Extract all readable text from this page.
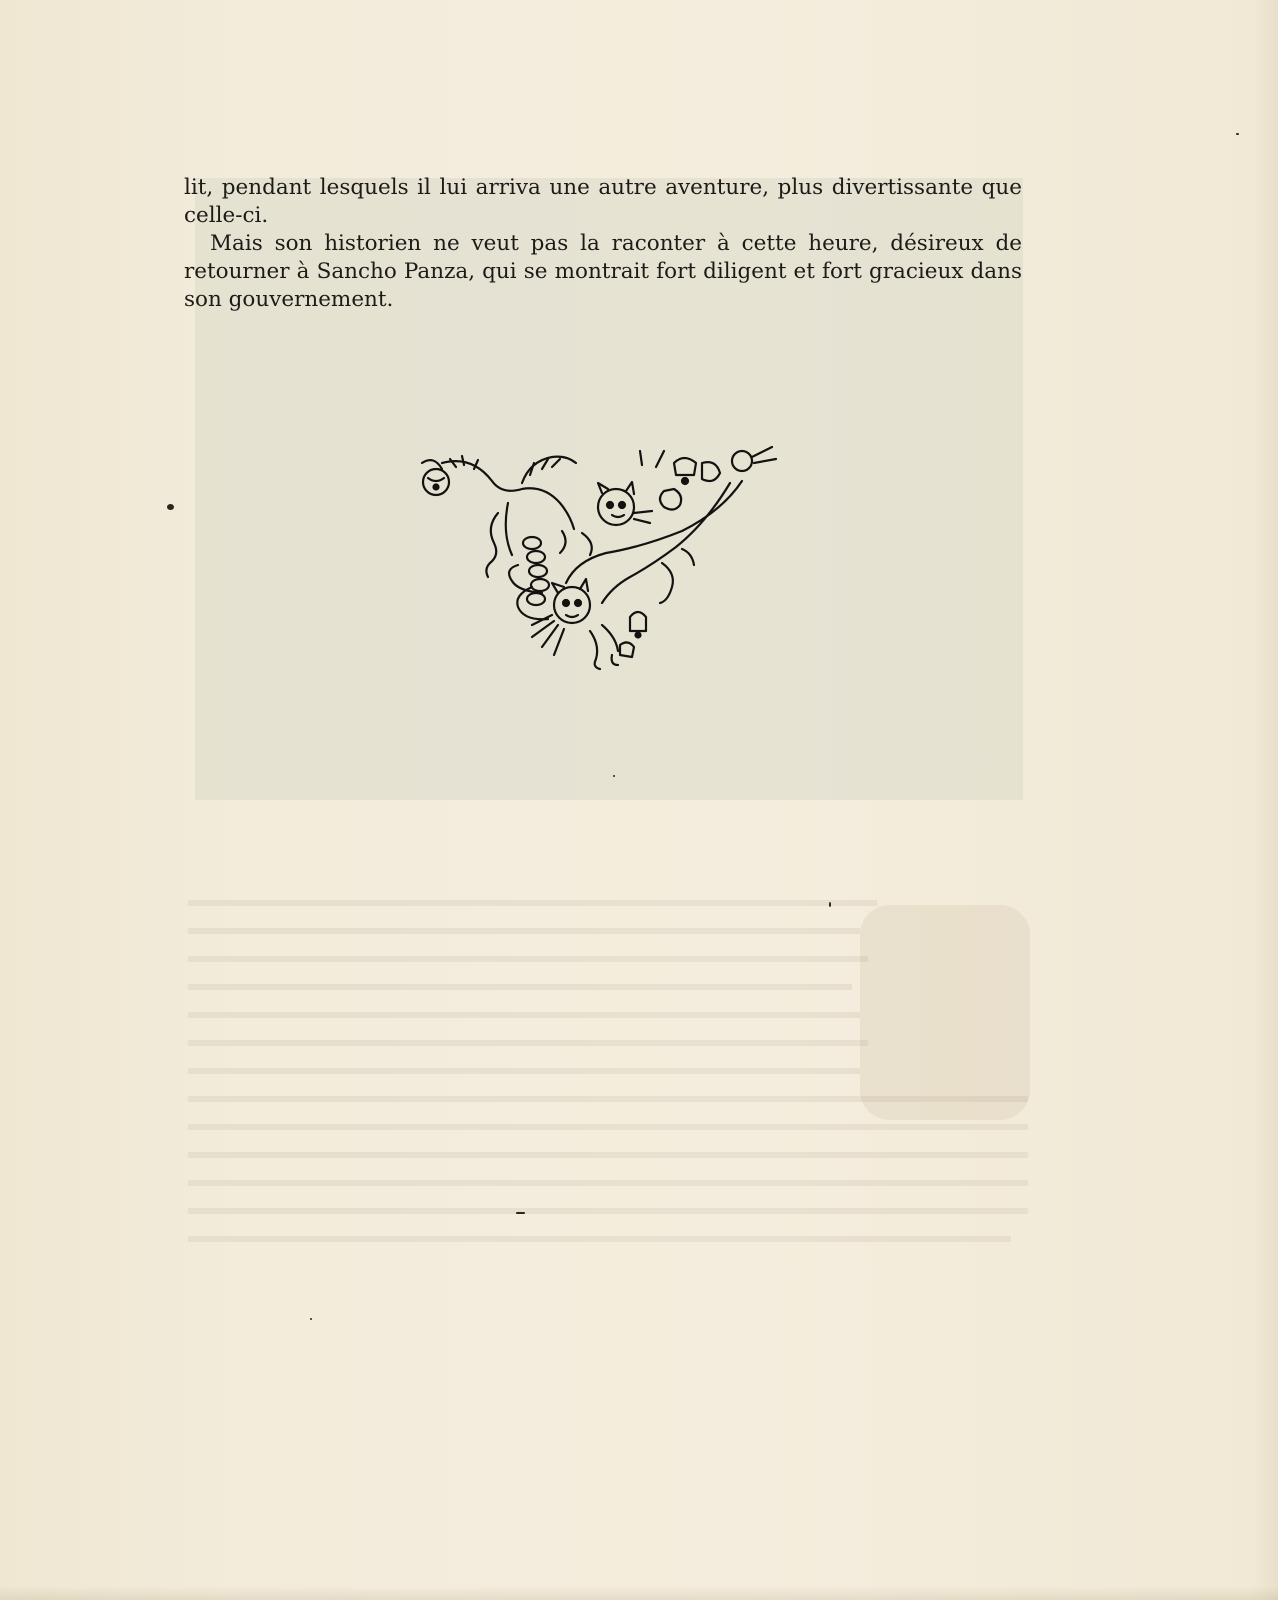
lit, pendant lesquels il lui arriva une autre aventure, plus divertissante que celle-ci.

Mais son historien ne veut pas la raconter à cette heure, désireux de retourner à Sancho Panza, qui se montrait fort diligent et fort gracieux dans son gouvernement.
